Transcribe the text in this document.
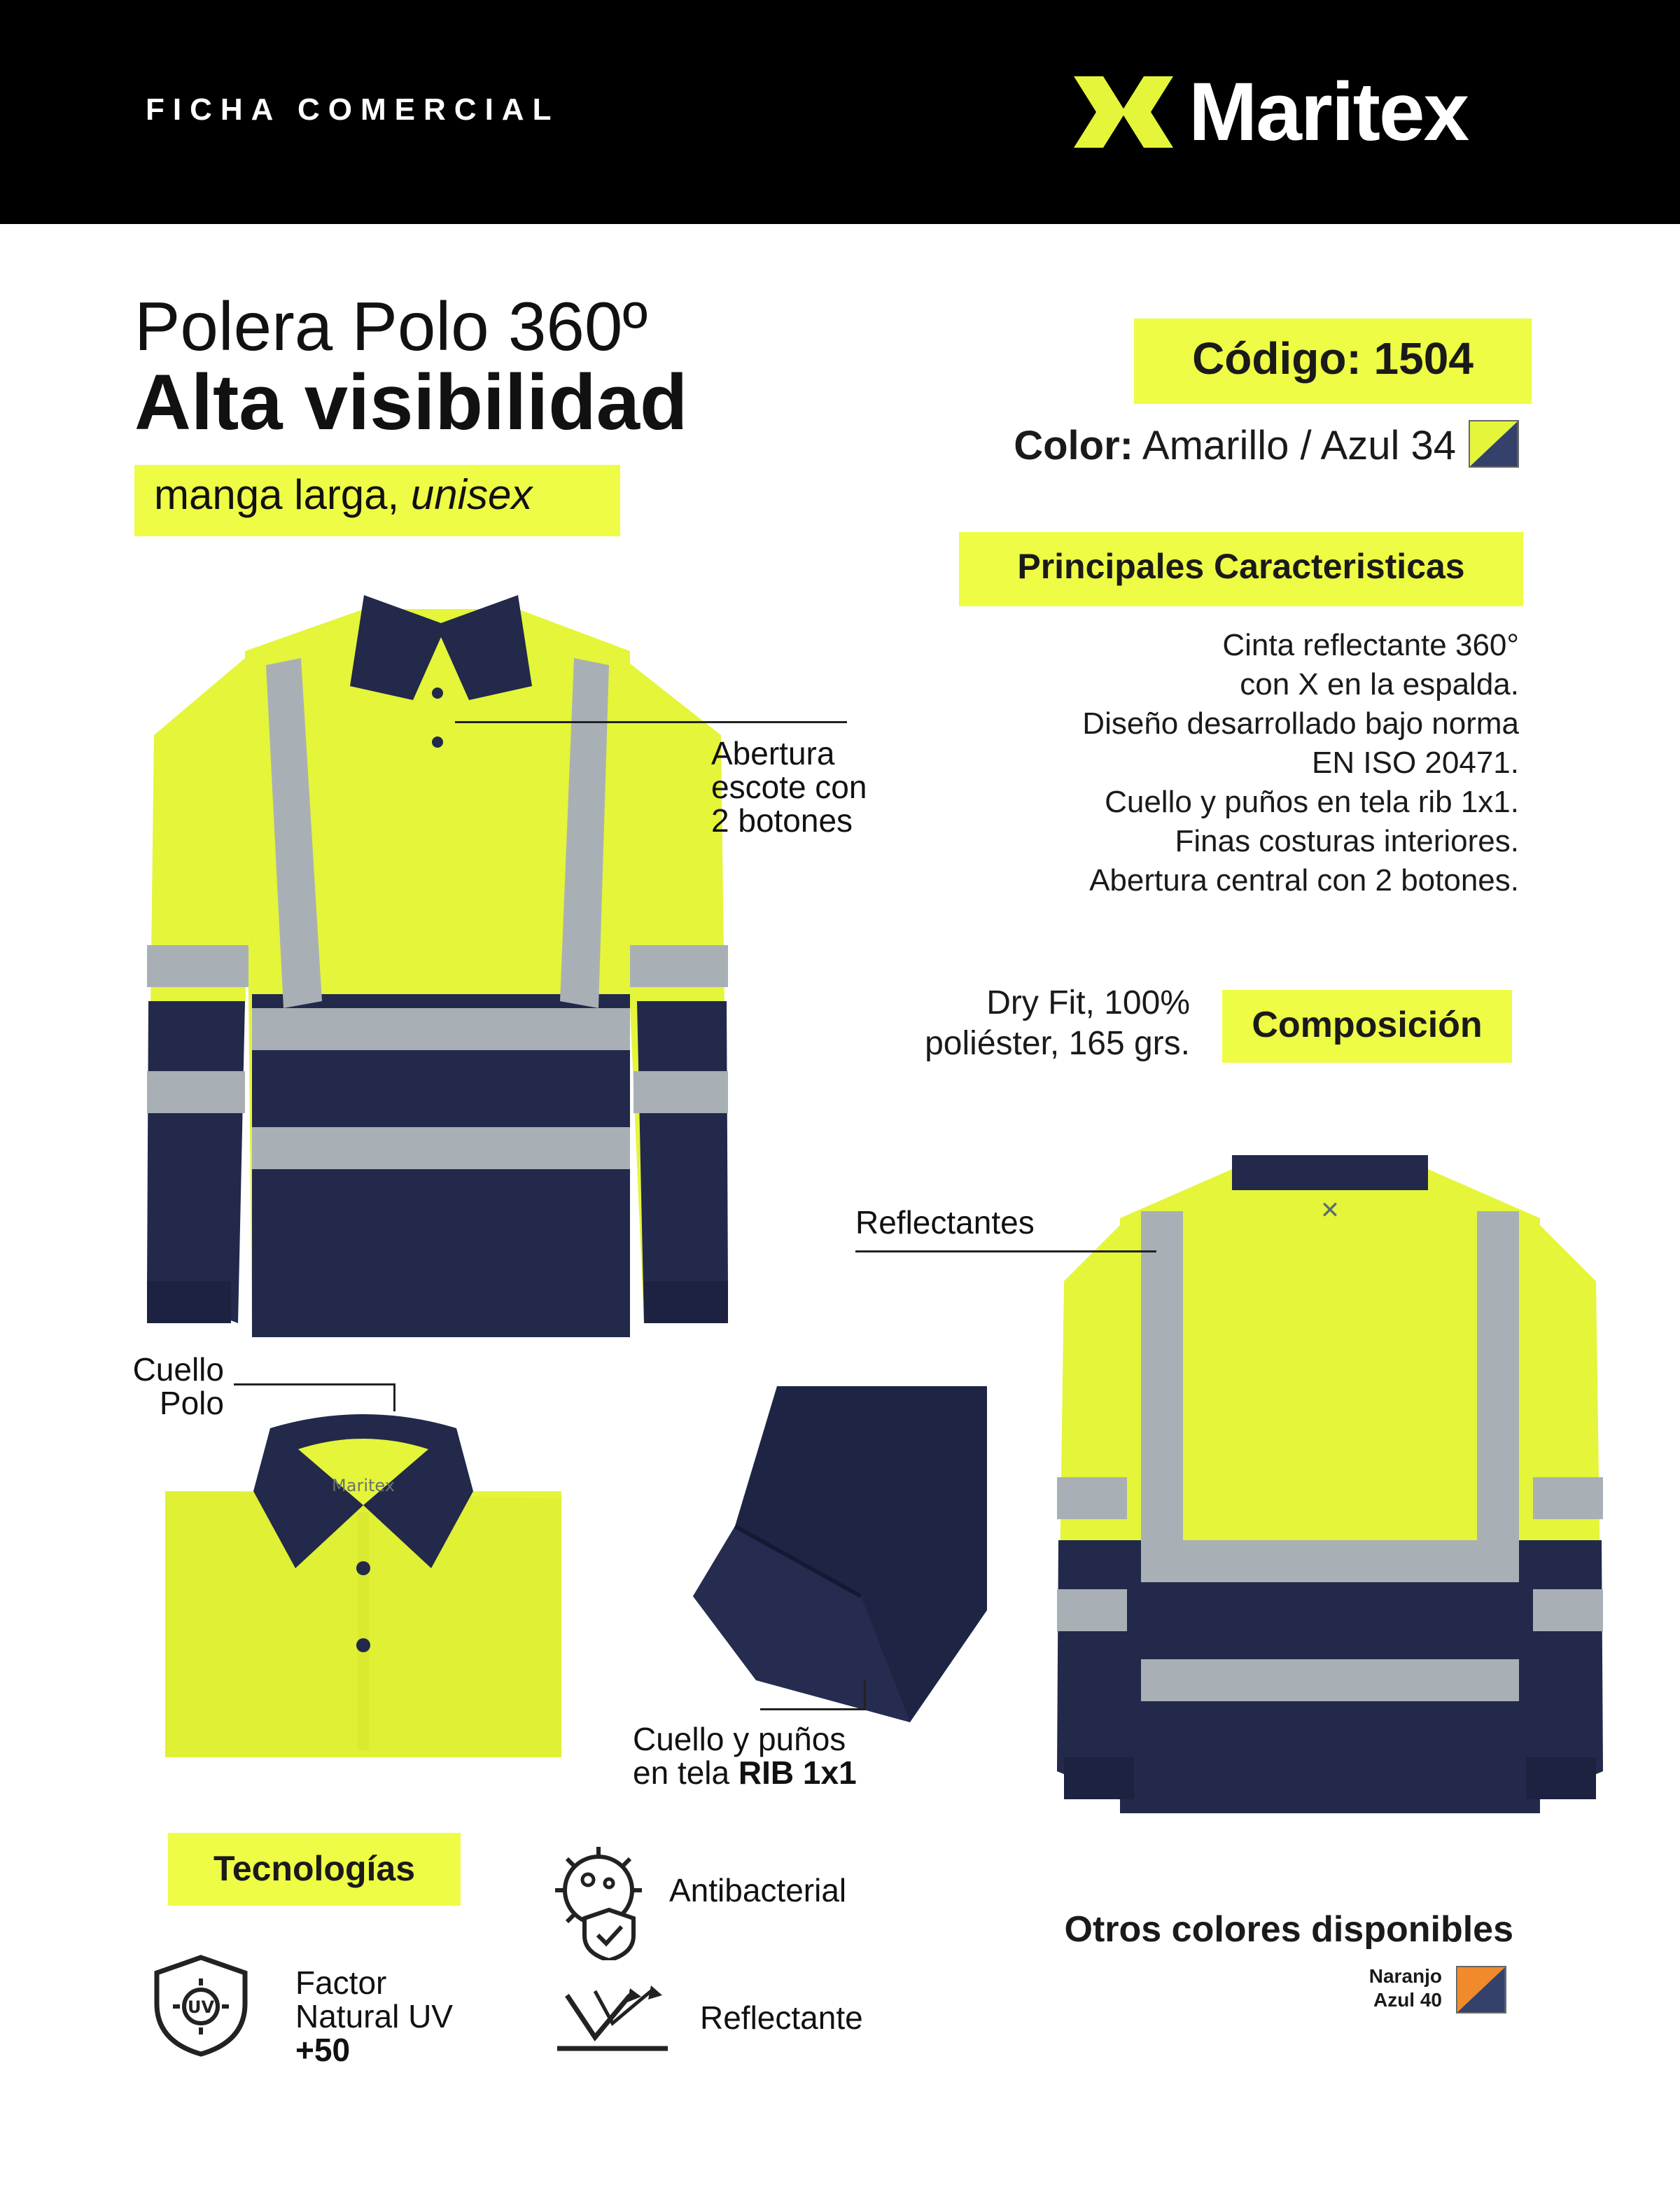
FICHA COMERCIAL	Maritex
Polera Polo 360º
Alta visibilidad
manga larga, unisex
Código: 1504
Color: Amarillo / Azul 34
Principales Caracteristicas
Cinta reflectante 360°
con X en la espalda.
Diseño desarrollado bajo norma
EN ISO 20471.
Cuello y puños en tela rib 1x1.
Finas costuras interiores.
Abertura central con 2 botones.
Dry Fit, 100%
poliéster, 165 grs.	Composición
Abertura
escote con
2 botones
✕
Reflectantes
Cuello
Polo
Maritex
Cuello y puños
en tela RIB 1x1
Tecnologías
Antibacterial
UV
Factor
Natural UV
+50
Reflectante
Otros colores disponibles
Naranjo
Azul 40
